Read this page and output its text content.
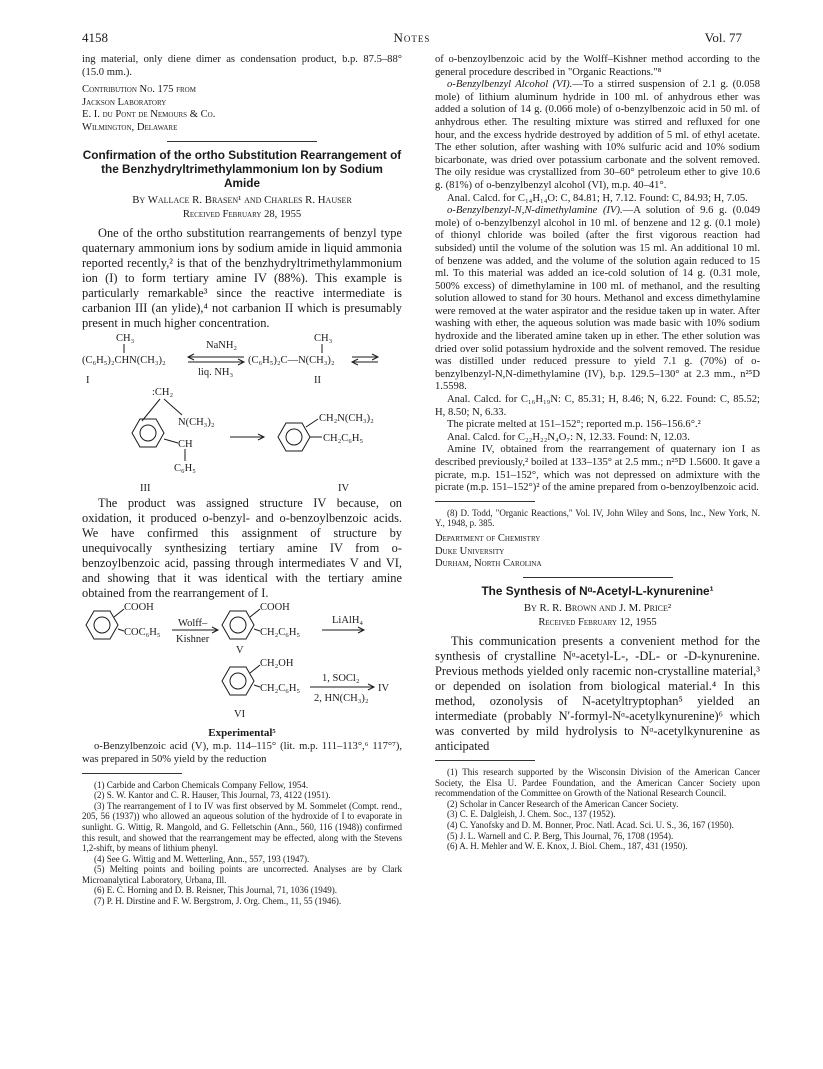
4158	Notes	Vol. 77

ing material, only diene dimer as condensation product, b.p. 87.5–88° (15.0 mm.).

Contribution No. 175 from
Jackson Laboratory
E. I. du Pont de Nemours & Co.
Wilmington, Delaware
Confirmation of the ortho Substitution Rearrangement of the Benzhydryltrimethylammonium Ion by Sodium Amide
By Wallace R. Brasen¹ and Charles R. Hauser
Received February 28, 1955

One of the ortho substitution rearrangements of benzyl type quaternary ammonium ions by sodium amide in liquid ammonia reported recently,² is that of the benzhydryltrimethylammonium ion (I) to form tertiary amine IV (88%). This example is particularly remarkable³ since the reactive intermediate is carbanion III (an ylide),⁴ not carbanion II which is presumably present in much higher concentration.

CH₃	CH₃
NaNH₂
(C₆H₅)₂CHN(CH₃)₂
liq. NH₃
(C₆H₅)₂C—N(CH₃)₂
I	II
:CH₂
N(CH₃)₂
CH
C₆H₅
III
CH₂N(CH₃)₂
CH₂C₆H₅
IV

The product was assigned structure IV because, on oxidation, it produced o-benzyl- and o-benzoylbenzoic acids. We have confirmed this assignment of structure by unequivocally synthesizing tertiary amine IV from o-benzoylbenzoic acid, passing through intermediates V and VI, and showing that it was identical with the tertiary amine obtained from the rearrangement of I.

COOH
COC₆H₅
Wolff–
Kishner
COOH
CH₂C₆H₅
LiAlH₄
V
CH₂OH
CH₂C₆H₅
1, SOCl₂
IV
2, HN(CH₃)₂
VI
Experimental⁵

o-Benzylbenzoic acid (V), m.p. 114–115° (lit. m.p. 111–113°,⁶ 117°⁷), was prepared in 50% yield by the reduction

(1) Carbide and Carbon Chemicals Company Fellow, 1954.

(2) S. W. Kantor and C. R. Hauser, This Journal, 73, 4122 (1951).

(3) The rearrangement of I to IV was first observed by M. Sommelet (Compt. rend., 205, 56 (1937)) who allowed an aqueous solution of the hydroxide of I to evaporate in sunlight. G. Wittig, R. Mangold, and G. Felletschin (Ann., 560, 116 (1948)) confirmed this result, and showed that the rearrangement may be effected, along with the Stevens 1,2-shift, by means of lithium phenyl.

(4) See G. Wittig and M. Wetterling, Ann., 557, 193 (1947).

(5) Melting points and boiling points are uncorrected. Analyses are by Clark Microanalytical Laboratory, Urbana, Ill.

(6) E. C. Horning and D. B. Reisner, This Journal, 71, 1036 (1949).

(7) P. H. Dirstine and F. W. Bergstrom, J. Org. Chem., 11, 55 (1946).

of o-benzoylbenzoic acid by the Wolff–Kishner method according to the general procedure described in "Organic Reactions."⁸

o-Benzylbenzyl Alcohol (VI).—To a stirred suspension of 2.1 g. (0.058 mole) of lithium aluminum hydride in 100 ml. of anhydrous ether was added a solution of 14 g. (0.066 mole) of o-benzylbenzoic acid in 50 ml. of anhydrous ether. The resulting mixture was stirred and refluxed for one hour, and the excess hydride destroyed by addition of 5 ml. of ethyl acetate. The ether solution, after washing with 10% sulfuric acid and 10% sodium bicarbonate, was dried over potassium carbonate and the solvent removed. The oily residue was crystallized from 30–60° petroleum ether to give 10.6 g. (81%) of o-benzylbenzyl alcohol (VI), m.p. 40–41°.

Anal. Calcd. for C₁₄H₁₄O: C, 84.81; H, 7.12. Found: C, 84.93; H, 7.05.

o-Benzylbenzyl-N,N-dimethylamine (IV).—A solution of 9.6 g. (0.049 mole) of o-benzylbenzyl alcohol in 10 ml. of benzene and 12 g. (0.1 mole) of thionyl chloride was boiled (after the first vigorous reaction had subsided) until the volume of the solution was 15 ml. An additional 10 ml. of benzene was added, and the volume of the solution again reduced to 15 ml. To this material was added an ice-cold solution of 14 g. (0.31 mole, 500% excess) of dimethylamine in 100 ml. of methanol, and the resulting solution allowed to stand for 30 hours. Methanol and excess dimethylamine were removed at the water aspirator and the residue taken up in water. After washing with ether, the aqueous solution was made basic with 10% sodium hydroxide and the liberated amine taken up in ether. The ether solution was dried over solid potassium hydroxide and the solvent removed. The residue was distilled under reduced pressure to yield 7.1 g. (70%) of o-benzylbenzyl-N,N-dimethylamine (IV), b.p. 129.5–130° at 2.3 mm., n²⁵D 1.5598.

Anal. Calcd. for C₁₆H₁₉N: C, 85.31; H, 8.46; N, 6.22. Found: C, 85.52; H, 8.50; N, 6.33.

The picrate melted at 151–152°; reported m.p. 156–156.6°.²

Anal. Calcd. for C₂₂H₂₂N₄O₇: N, 12.33. Found: N, 12.03.

Amine IV, obtained from the rearrangement of quaternary ion I as described previously,² boiled at 133–135° at 2.5 mm.; n²⁵D 1.5600. It gave a picrate, m.p. 151–152°, which was not depressed on admixture with the picrate (m.p. 151–152°)² of the amine prepared from o-benzoylbenzoic acid.

(8) D. Todd, "Organic Reactions," Vol. IV, John Wiley and Sons, Inc., New York, N. Y., 1948, p. 385.

Department of Chemistry
Duke University
Durham, North Carolina
The Synthesis of Nᵅ-Acetyl-L-kynurenine¹
By R. R. Brown and J. M. Price²
Received February 12, 1955

This communication presents a convenient method for the synthesis of crystalline Nᵅ-acetyl-L-, -DL- or -D-kynurenine. Previous methods yielded only racemic non-crystalline material,³ or depended on isolation from biological material.⁴ In this method, ozonolysis of N-acetyltryptophan⁵ yielded an intermediate (probably N′-formyl-Nᵅ-acetylkynurenine)⁶ which was converted by mild hydrolysis to Nᵅ-acetylkynurenine as anticipated

(1) This research supported by the Wisconsin Division of the American Cancer Society, the Elsa U. Pardee Foundation, and the American Cancer Society upon recommendation of the Committee on Growth of the National Research Council.

(2) Scholar in Cancer Research of the American Cancer Society.

(3) C. E. Dalgleish, J. Chem. Soc., 137 (1952).

(4) C. Yanofsky and D. M. Bonner, Proc. Natl. Acad. Sci. U. S., 36, 167 (1950).

(5) J. L. Warnell and C. P. Berg, This Journal, 76, 1708 (1954).

(6) A. H. Mehler and W. E. Knox, J. Biol. Chem., 187, 431 (1950).
